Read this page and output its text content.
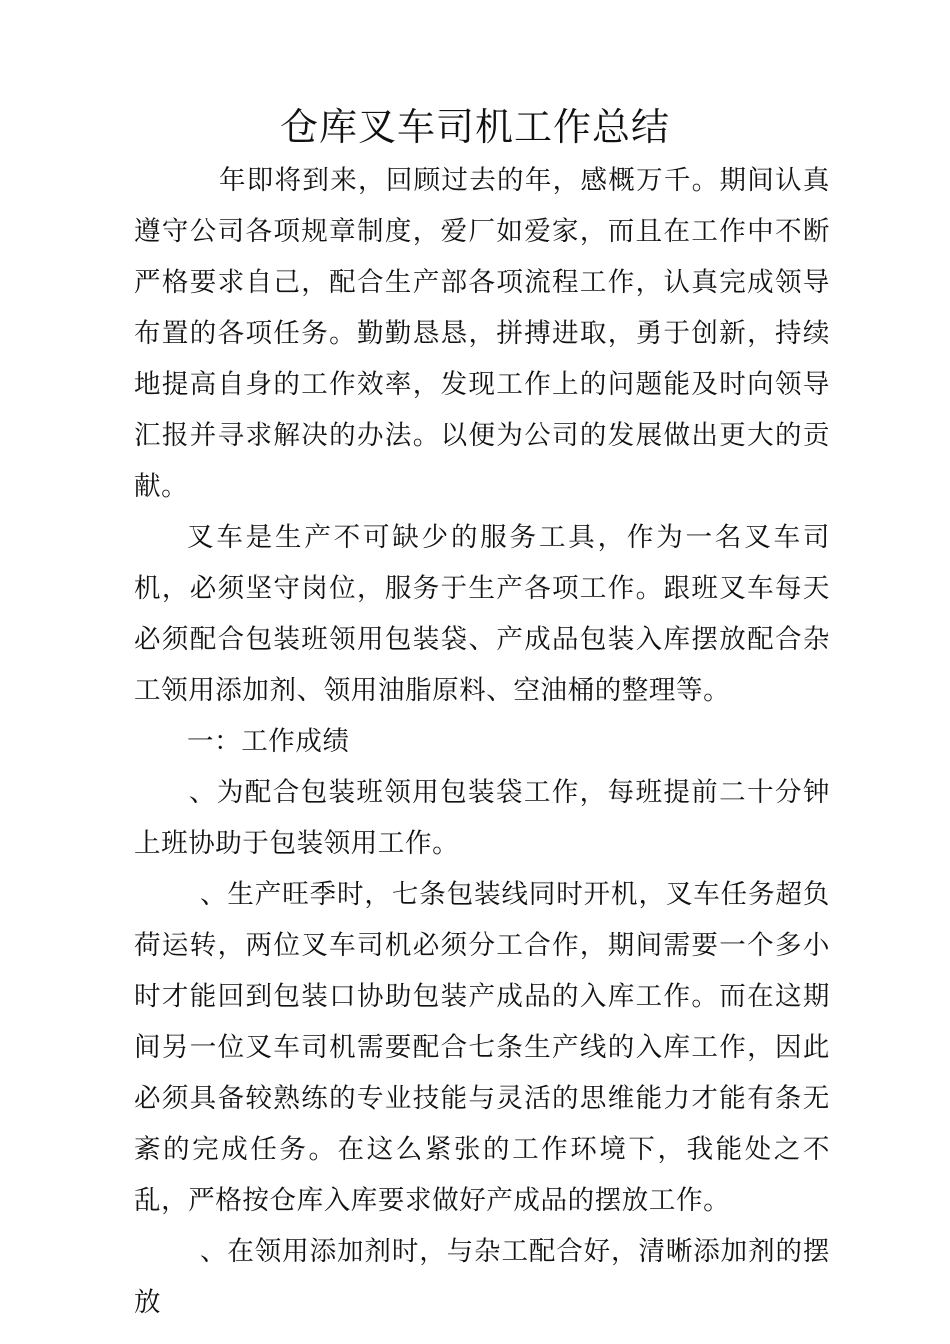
仓库叉车司机工作总结

年即将到来，回顾过去的年，感概万千。期间认真遵守公司各项规章制度，爱厂如爱家，而且在工作中不断严格要求自己，配合生产部各项流程工作，认真完成领导布置的各项任务。勤勤恳恳，拼搏进取，勇于创新，持续地提高自身的工作效率，发现工作上的问题能及时向领导汇报并寻求解决的办法。以便为公司的发展做出更大的贡献。

叉车是生产不可缺少的服务工具，作为一名叉车司机，必须坚守岗位，服务于生产各项工作。跟班叉车每天必须配合包装班领用包装袋、产成品包装入库摆放配合杂工领用添加剂、领用油脂原料、空油桶的整理等。

一：工作成绩

、为配合包装班领用包装袋工作，每班提前二十分钟上班协助于包装领用工作。

、生产旺季时，七条包装线同时开机，叉车任务超负荷运转，两位叉车司机必须分工合作，期间需要一个多小时才能回到包装口协助包装产成品的入库工作。而在这期间另一位叉车司机需要配合七条生产线的入库工作，因此必须具备较熟练的专业技能与灵活的思维能力才能有条无紊的完成任务。在这么紧张的工作环境下，我能处之不乱，严格按仓库入库要求做好产成品的摆放工作。

、在领用添加剂时，与杂工配合好，清晰添加剂的摆放
